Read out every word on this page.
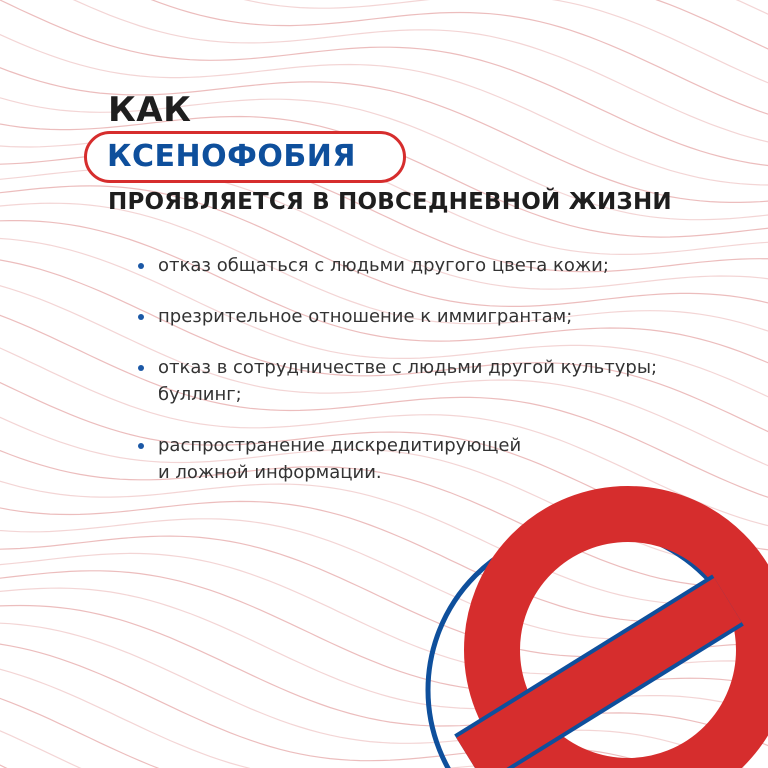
КАК
КСЕНОФОБИЯ
ПРОЯВЛЯЕТСЯ В ПОВСЕДНЕВНОЙ ЖИЗНИ
отказ общаться с людьми другого цвета кожи;
презрительное отношение к иммигрантам;
отказ в сотрудничестве с людьми другой культуры;
буллинг;
распространение дискредитирующей
и ложной информации.
